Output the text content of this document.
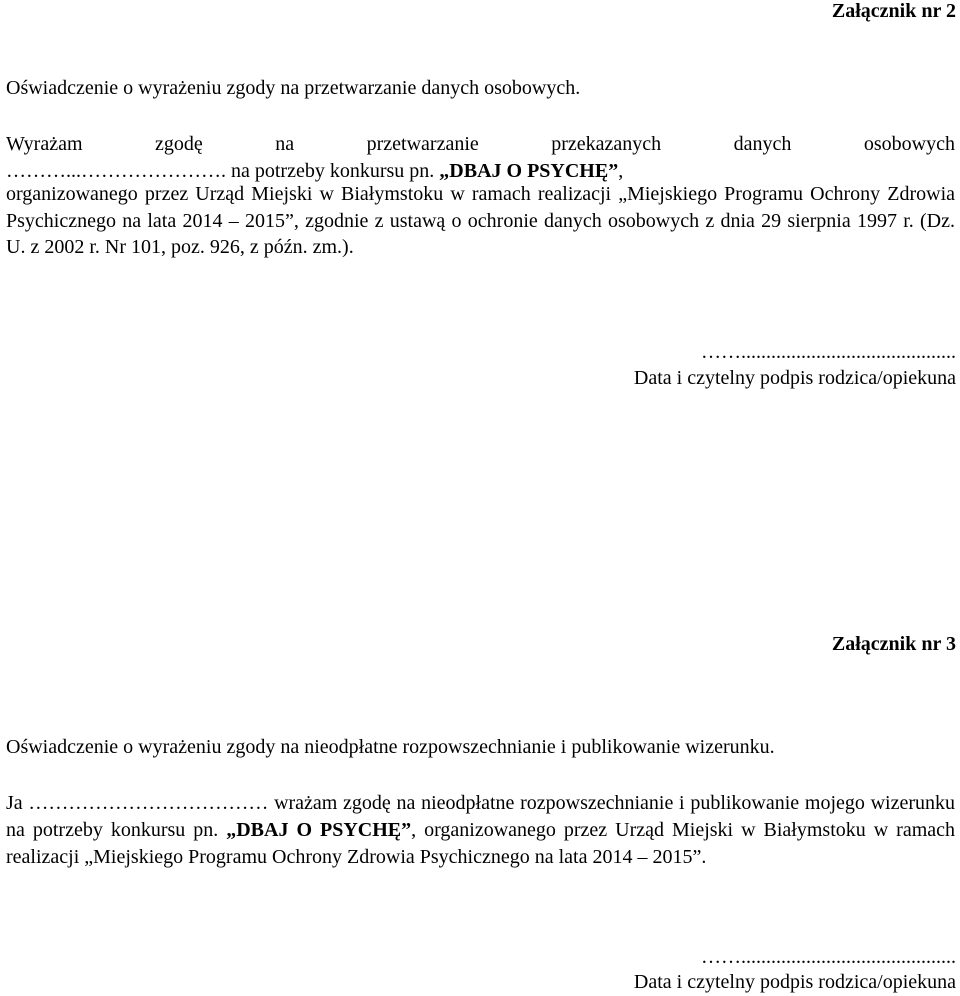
Załącznik nr 2
Oświadczenie o wyrażeniu zgody na przetwarzanie danych osobowych.
Wyrażam zgodę na przetwarzanie przekazanych danych osobowych
………...…………………. na potrzeby konkursu pn. „DBAJ O PSYCHĘ”,
organizowanego przez Urząd Miejski w Białymstoku w ramach realizacji „Miejskiego Programu Ochrony Zdrowia Psychicznego na lata 2014 – 2015”, zgodnie z ustawą o ochronie danych osobowych z dnia 29 sierpnia 1997 r. (Dz. U. z 2002 r. Nr 101, poz. 926, z późn. zm.).
……...........................................
Data i czytelny podpis rodzica/opiekuna
Załącznik nr 3
Oświadczenie o wyrażeniu zgody na nieodpłatne rozpowszechnianie i publikowanie wizerunku.
Ja ……………………………… wrażam zgodę na nieodpłatne rozpowszechnianie i publikowanie mojego wizerunku na potrzeby konkursu pn. „DBAJ O PSYCHĘ”, organizowanego przez Urząd Miejski w Białymstoku w ramach realizacji „Miejskiego Programu Ochrony Zdrowia Psychicznego na lata 2014 – 2015”.
……...........................................
Data i czytelny podpis rodzica/opiekuna
